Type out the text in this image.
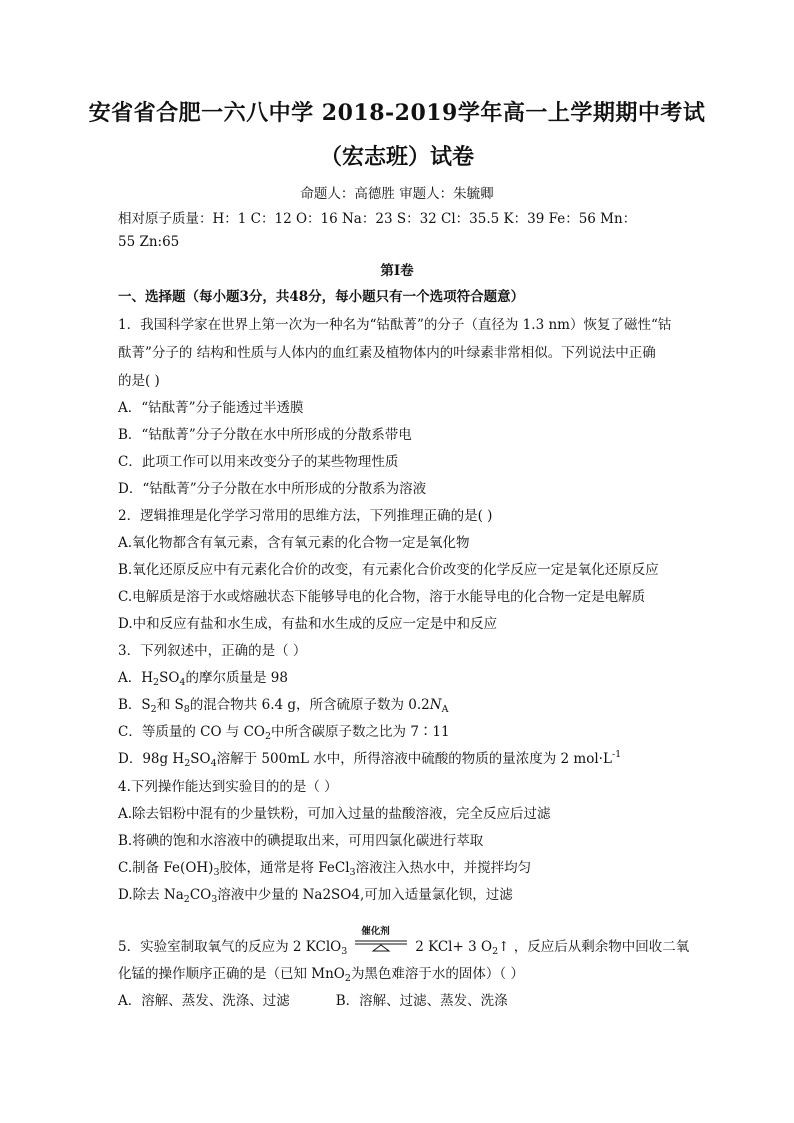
安省省合肥一六八中学 2018-2019学年高一上学期期中考试
（宏志班）试卷
命题人：高德胜 审题人：朱毓卿
相对原子质量：H：1 C：12 O：16 Na：23 S：32 Cl：35.5 K：39 Fe：56 Mn：
55 Zn:65
第Ⅰ卷
一、选择题（每小题3分，共48分，每小题只有一个选项符合题意）
1．我国科学家在世界上第一次为一种名为“钴酞菁”的分子（直径为 1.3 nm）恢复了磁性“钴
酞菁”分子的 结构和性质与人体内的血红素及植物体内的叶绿素非常相似。下列说法中正确
的是( )
A．“钴酞菁”分子能透过半透膜
B．“钴酞菁”分子分散在水中所形成的分散系带电
C．此项工作可以用来改变分子的某些物理性质
D．“钴酞菁”分子分散在水中所形成的分散系为溶液
2．逻辑推理是化学学习常用的思维方法，下列推理正确的是( )
A.氧化物都含有氧元素，含有氧元素的化合物一定是氧化物
B.氧化还原反应中有元素化合价的改变，有元素化合价改变的化学反应一定是氧化还原反应
C.电解质是溶于水或熔融状态下能够导电的化合物，溶于水能导电的化合物一定是电解质
D.中和反应有盐和水生成，有盐和水生成的反应一定是中和反应
3．下列叙述中，正确的是（ ）
A．$H_2SO_4$的摩尔质量是 98
B．$S_2$和 $S_8$的混合物共 6.4 g，所含硫原子数为 $0.2N_A$
C．等质量的 CO 与 $CO_2$中所含碳原子数之比为 7∶11
D．98g $H_2SO_4$溶解于 500mL 水中，所得溶液中硫酸的物质的量浓度为 2 $mol\cdot L^{-1}$
4.下列操作能达到实验目的的是（ ）
A.除去铝粉中混有的少量铁粉，可加入过量的盐酸溶液，完全反应后过滤
B.将碘的饱和水溶液中的碘提取出来，可用四氯化碳进行萃取
C.制备 $Fe(OH)_3$胶体，通常是将 FeCl$_3$溶液注入热水中，并搅拌均匀
D.除去 $Na_2CO_3$溶液中少量的 Na2SO4,可加入适量氯化钡，过滤
5．实验室制取氧气的反应为 2 KClO$_3$
催化剂
2 KCl+ 3 $O_2↑$ ，反应后从剩余物中回收二氧
化锰的操作顺序正确的是（已知 MnO$_2$为黑色难溶于水的固体）（ ）
A．溶解、蒸发、洗涤、过滤	B．溶解、过滤、蒸发、洗涤
